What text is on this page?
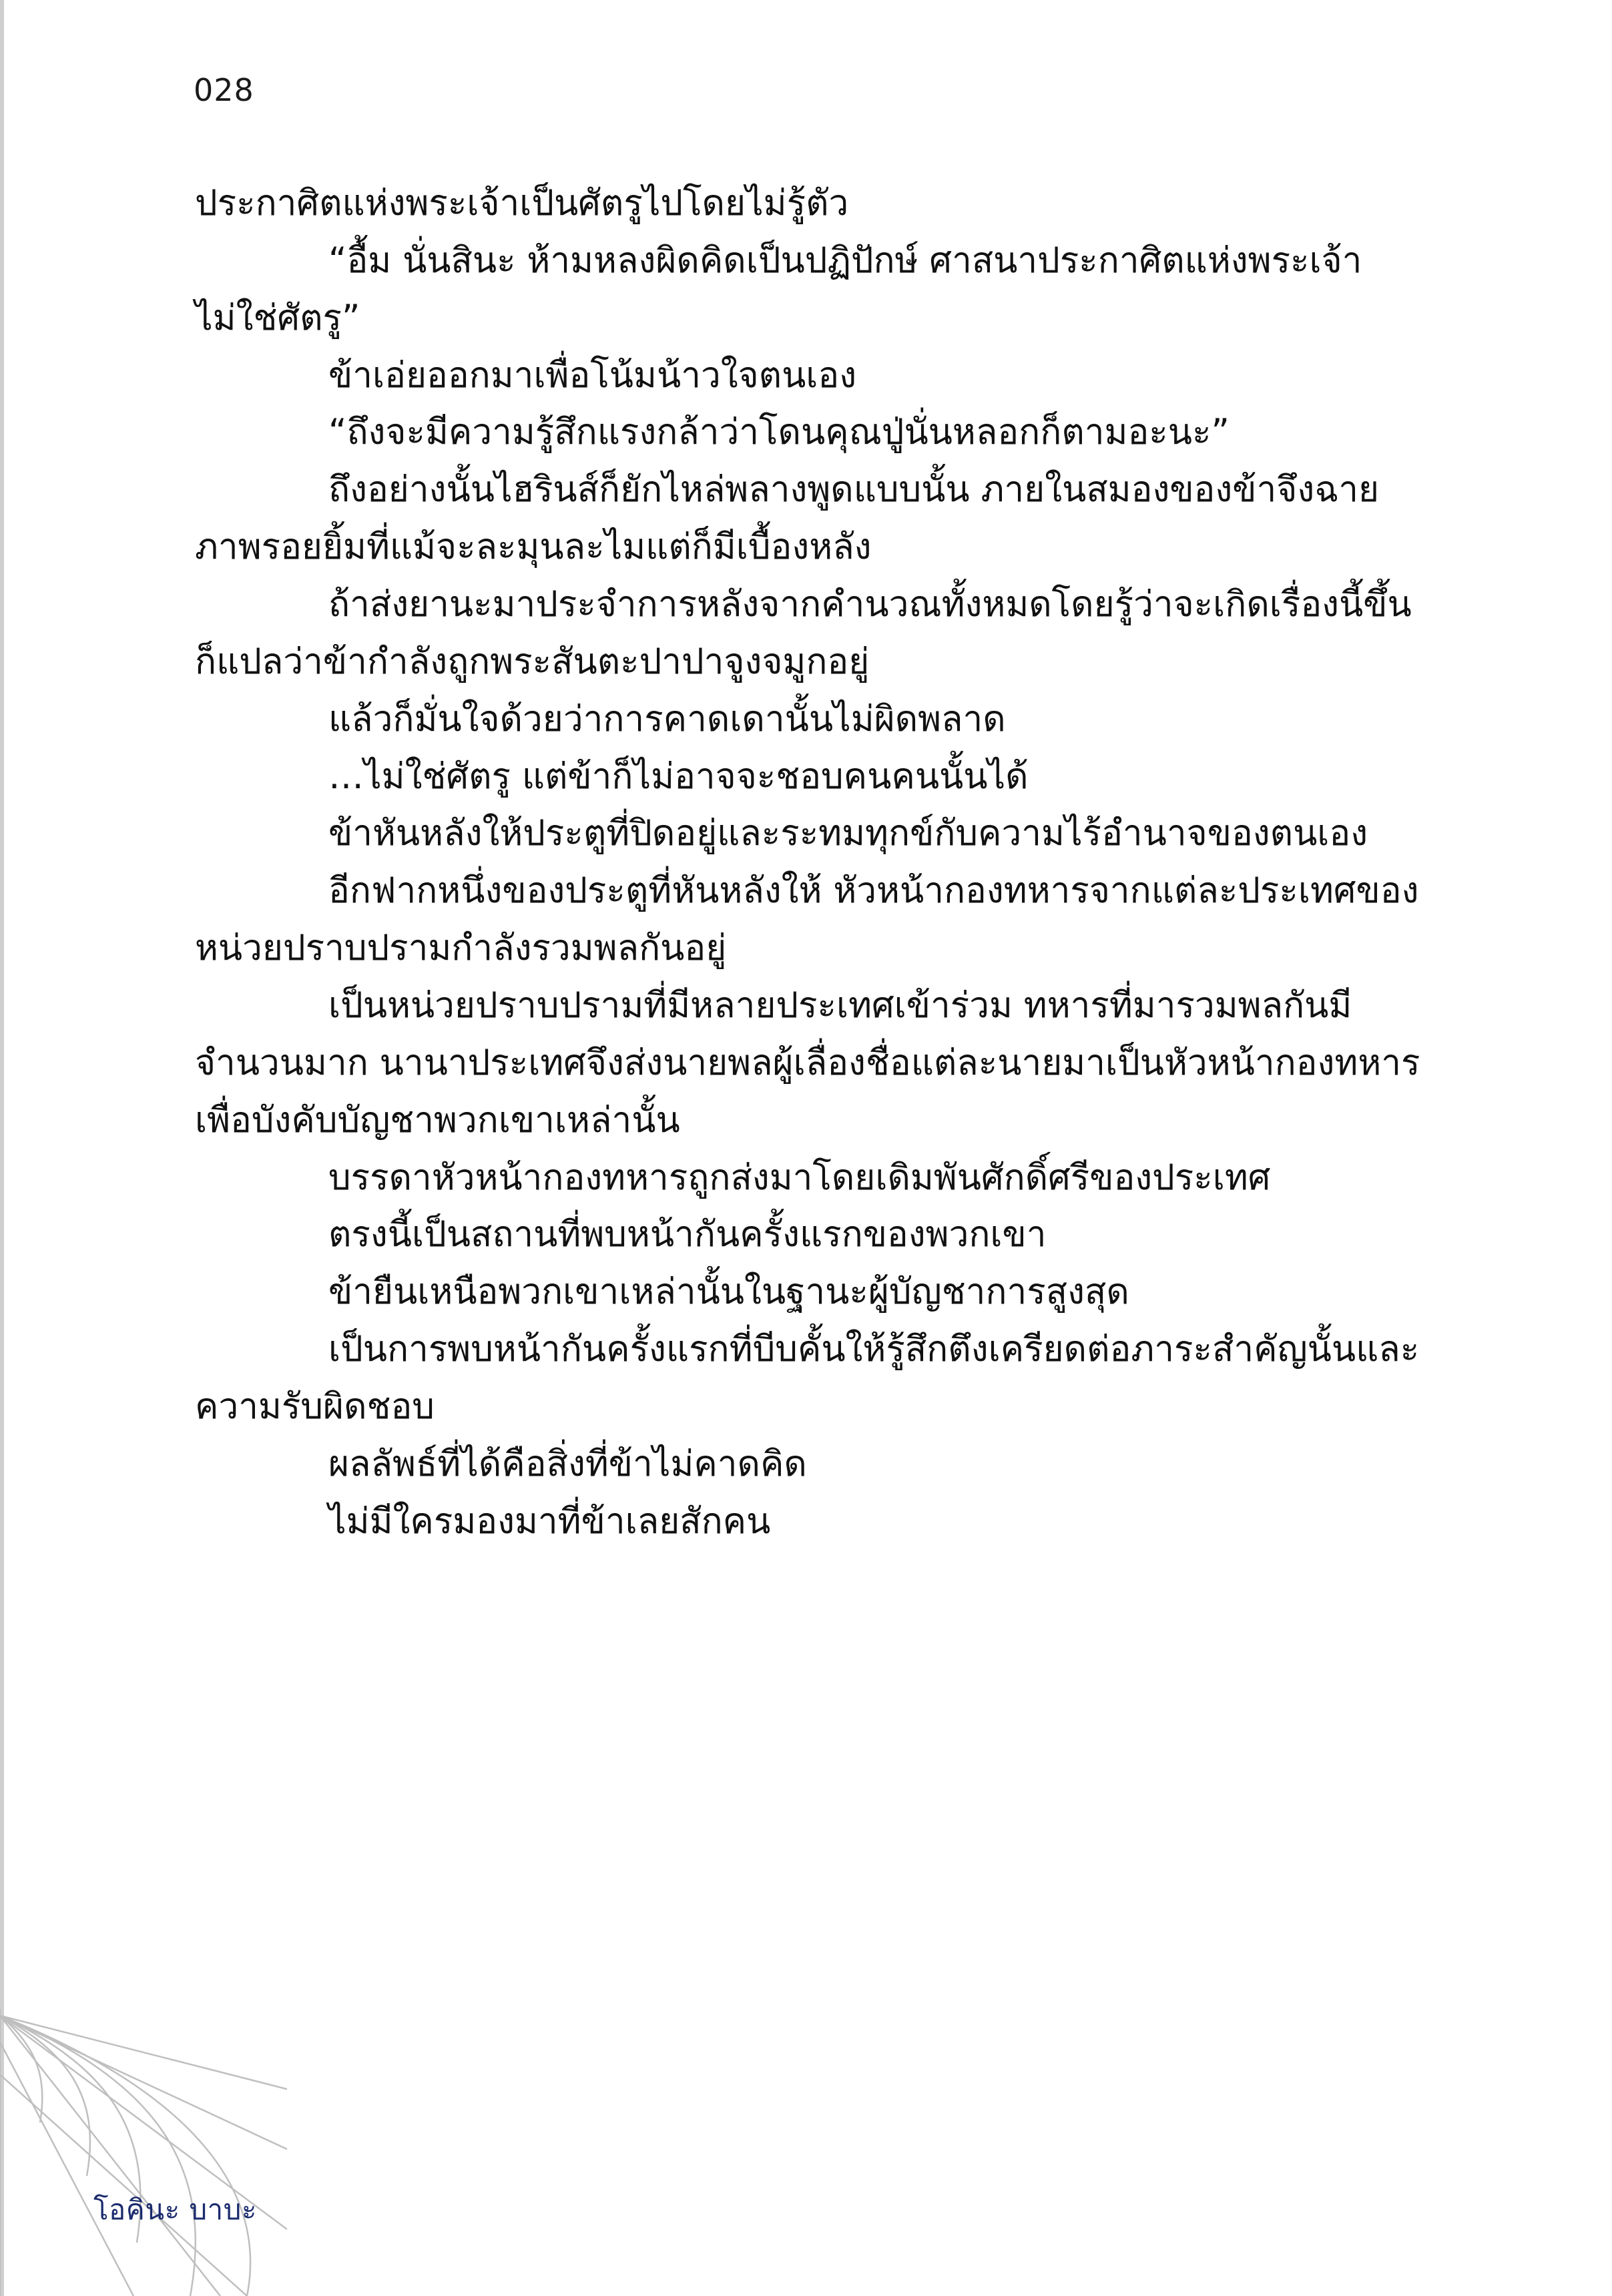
028

ประกาศิตแห่งพระเจ้าเป็นศัตรูไปโดยไม่รู้ตัว

“อื้ม นั่นสินะ ห้ามหลงผิดคิดเป็นปฏิปักษ์ ศาสนาประกาศิตแห่งพระเจ้าไม่ใช่ศัตรู”

ข้าเอ่ยออกมาเพื่อโน้มน้าวใจตนเอง

“ถึงจะมีความรู้สึกแรงกล้าว่าโดนคุณปู่นั่นหลอกก็ตามอะนะ”

ถึงอย่างนั้นไฮรินส์ก็ยักไหล่พลางพูดแบบนั้น ภายในสมองของข้าจึงฉายภาพรอยยิ้มที่แม้จะละมุนละไมแต่ก็มีเบื้องหลัง

ถ้าส่งยานะมาประจำการหลังจากคำนวณทั้งหมดโดยรู้ว่าจะเกิดเรื่องนี้ขึ้น ก็แปลว่าข้ากำลังถูกพระสันตะปาปาจูงจมูกอยู่

แล้วก็มั่นใจด้วยว่าการคาดเดานั้นไม่ผิดพลาด

…ไม่ใช่ศัตรู แต่ข้าก็ไม่อาจจะชอบคนคนนั้นได้

ข้าหันหลังให้ประตูที่ปิดอยู่และระทมทุกข์กับความไร้อำนาจของตนเอง

อีกฟากหนึ่งของประตูที่หันหลังให้ หัวหน้ากองทหารจากแต่ละประเทศของหน่วยปราบปรามกำลังรวมพลกันอยู่

เป็นหน่วยปราบปรามที่มีหลายประเทศเข้าร่วม ทหารที่มารวมพลกันมีจำนวนมาก นานาประเทศจึงส่งนายพลผู้เลื่องชื่อแต่ละนายมาเป็นหัวหน้ากองทหารเพื่อบังคับบัญชาพวกเขาเหล่านั้น

บรรดาหัวหน้ากองทหารถูกส่งมาโดยเดิมพันศักดิ์ศรีของประเทศ

ตรงนี้เป็นสถานที่พบหน้ากันครั้งแรกของพวกเขา

ข้ายืนเหนือพวกเขาเหล่านั้นในฐานะผู้บัญชาการสูงสุด

เป็นการพบหน้ากันครั้งแรกที่บีบคั้นให้รู้สึกตึงเครียดต่อภาระสำคัญนั้นและความรับผิดชอบ

ผลลัพธ์ที่ได้คือสิ่งที่ข้าไม่คาดคิด

ไม่มีใครมองมาที่ข้าเลยสักคน

โอคินะ บาบะ
